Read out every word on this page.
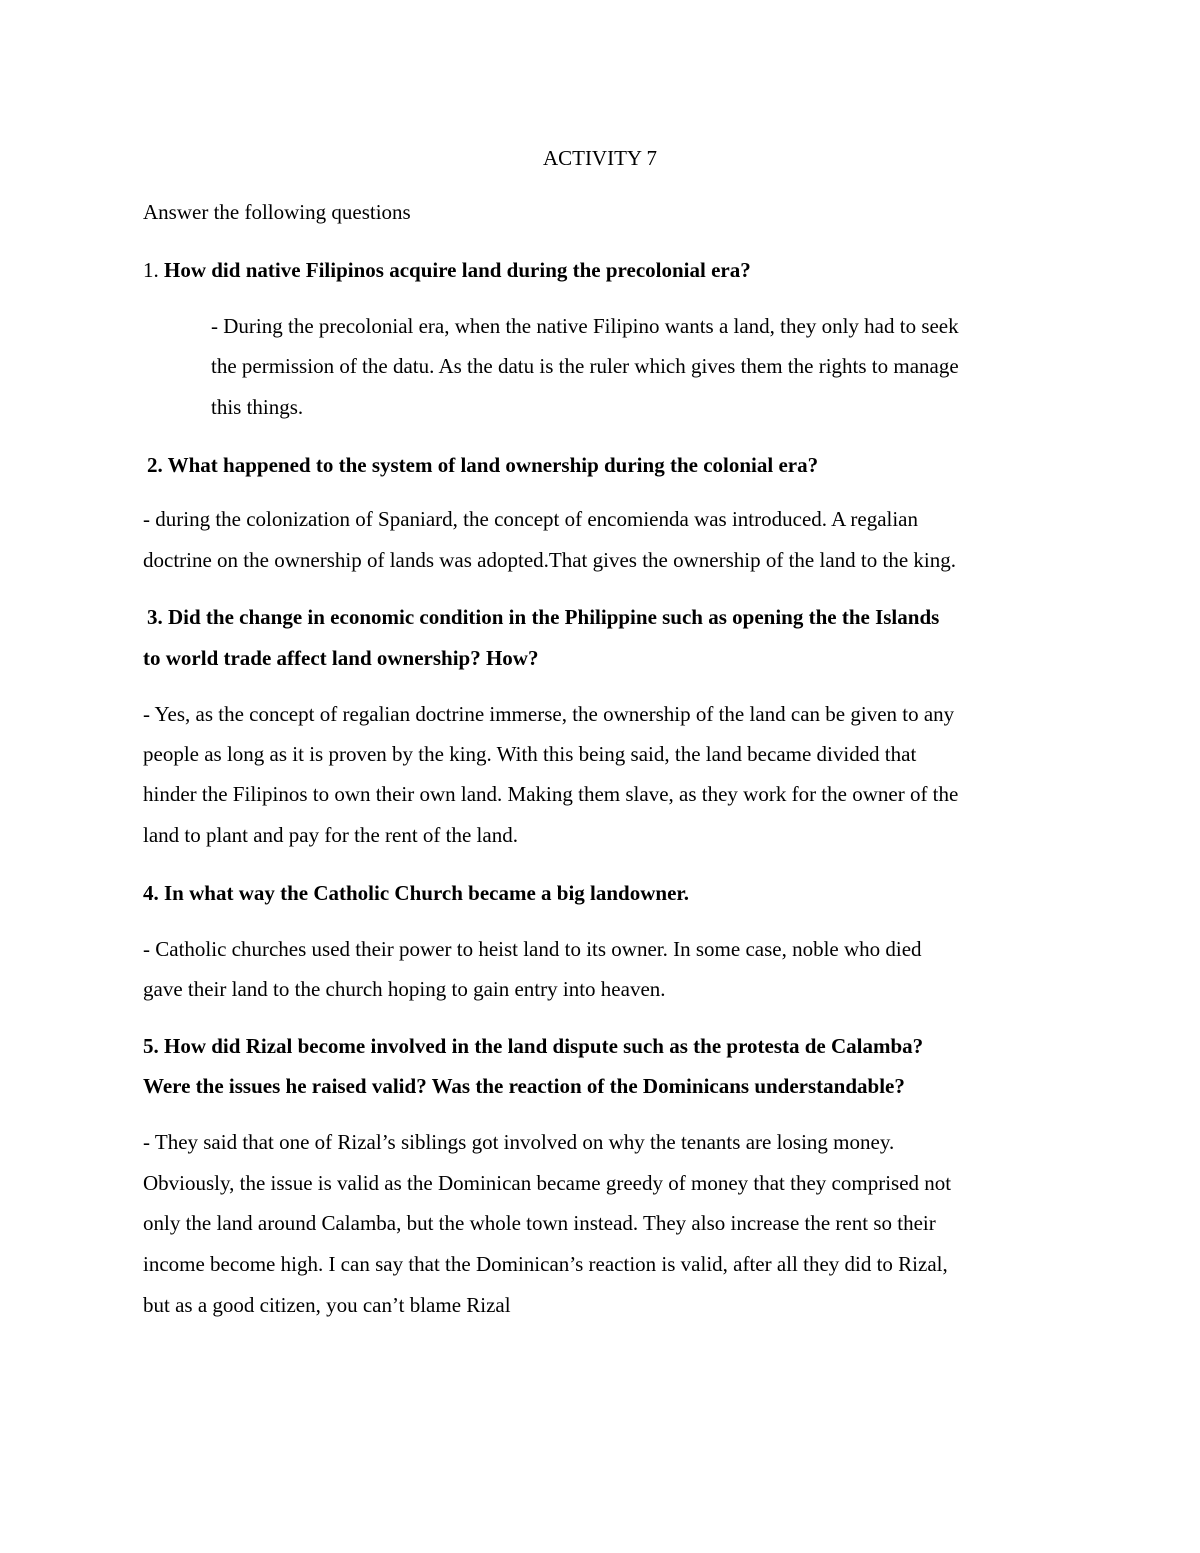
ACTIVITY 7
Answer the following questions
1. How did native Filipinos acquire land during the precolonial era?
- During the precolonial era, when the native Filipino wants a land, they only had to seek
the permission of the datu. As the datu is the ruler which gives them the rights to manage
this things.
2. What happened to the system of land ownership during the colonial era?
- during the colonization of Spaniard, the concept of encomienda was introduced. A regalian
doctrine on the ownership of lands was adopted.That gives the ownership of the land to the king.
3. Did the change in economic condition in the Philippine such as opening the the Islands
to world trade affect land ownership? How?
- Yes, as the concept of regalian doctrine immerse, the ownership of the land can be given to any
people as long as it is proven by the king. With this being said, the land became divided that
hinder the Filipinos to own their own land. Making them slave, as they work for the owner of the
land to plant and pay for the rent of the land.
4. In what way the Catholic Church became a big landowner.
- Catholic churches used their power to heist land to its owner. In some case, noble who died
gave their land to the church hoping to gain entry into heaven.
5. How did Rizal become involved in the land dispute such as the protesta de Calamba?
Were the issues he raised valid? Was the reaction of the Dominicans understandable?
- They said that one of Rizal’s siblings got involved on why the tenants are losing money.
Obviously, the issue is valid as the Dominican became greedy of money that they comprised not
only the land around Calamba, but the whole town instead. They also increase the rent so their
income become high. I can say that the Dominican’s reaction is valid, after all they did to Rizal,
but as a good citizen, you can’t blame Rizal
